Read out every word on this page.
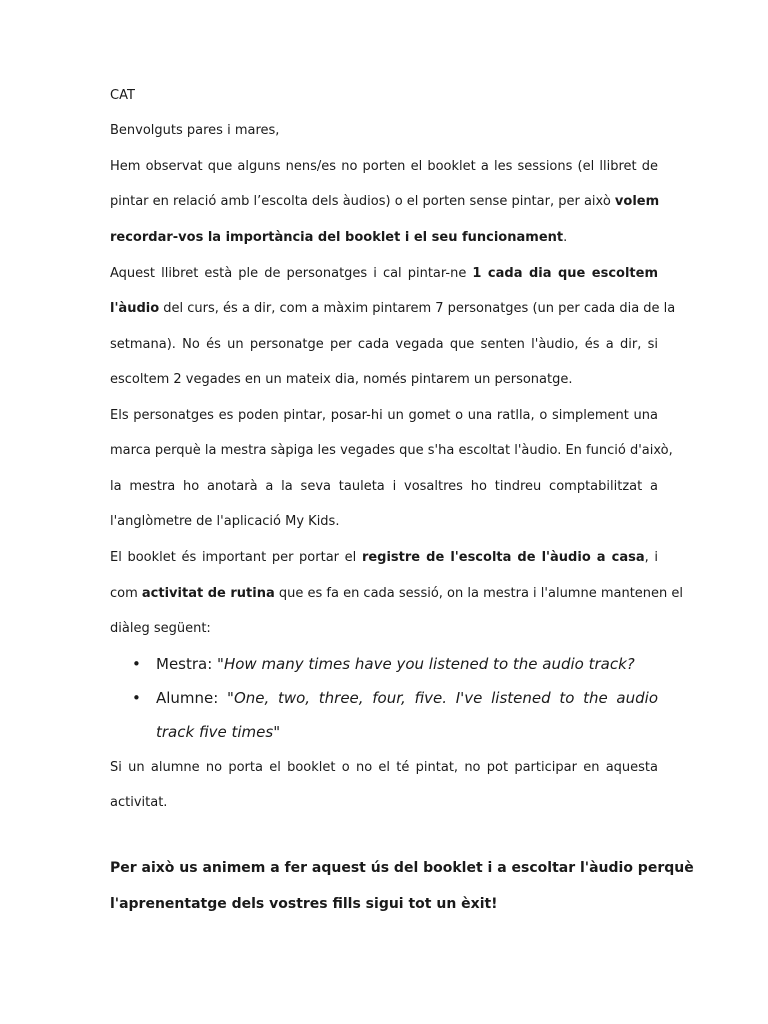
CAT
Benvolguts pares i mares,
Hem observat que alguns nens/es no porten el booklet a les sessions (el llibret de
pintar en relació amb l’escolta dels àudios) o el porten sense pintar, per això volem
recordar-vos la importància del booklet i el seu funcionament.
Aquest llibret està ple de personatges i cal pintar-ne 1 cada dia que escoltem
l'àudio del curs, és a dir, com a màxim pintarem 7 personatges (un per cada dia de la
setmana). No és un personatge per cada vegada que senten l'àudio, és a dir, si
escoltem 2 vegades en un mateix dia, només pintarem un personatge.
Els personatges es poden pintar, posar-hi un gomet o una ratlla, o simplement una
marca perquè la mestra sàpiga les vegades que s'ha escoltat l'àudio. En funció d'això,
la mestra ho anotarà a la seva tauleta i vosaltres ho tindreu comptabilitzat a
l'anglòmetre de l'aplicació My Kids.
El booklet és important per portar el registre de l'escolta de l'àudio a casa, i
com activitat de rutina que es fa en cada sessió, on la mestra i l'alumne mantenen el
diàleg següent:
• Mestra: "How many times have you listened to the audio track?
• Alumne: "One, two, three, four, five. I've listened to the audio
track five times"
Si un alumne no porta el booklet o no el té pintat, no pot participar en aquesta
activitat.
Per això us animem a fer aquest ús del booklet i a escoltar l'àudio perquè
l'aprenentatge dels vostres fills sigui tot un èxit!
